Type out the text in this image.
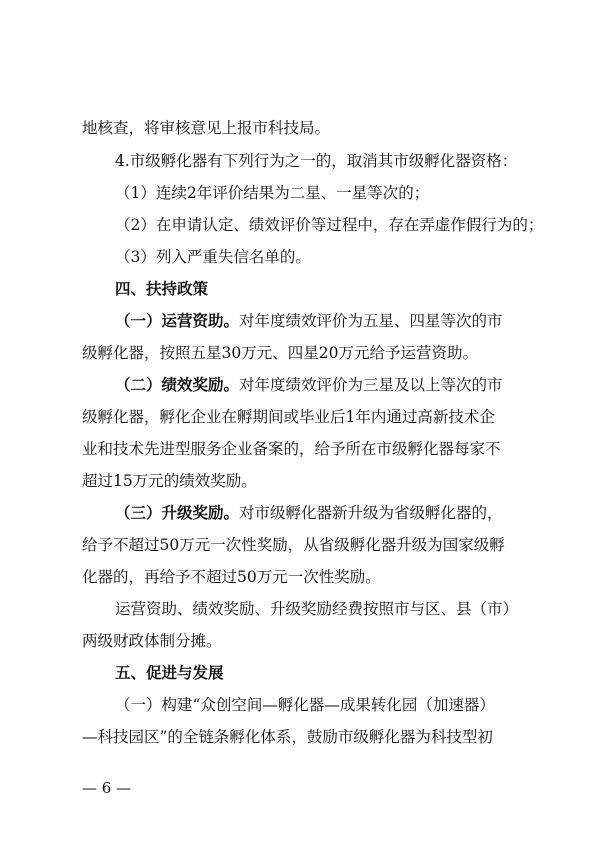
地核查，将审核意见上报市科技局。
4.市级孵化器有下列行为之一的，取消其市级孵化器资格：
（1）连续2年评价结果为二星、一星等次的；
（2）在申请认定、绩效评价等过程中，存在弄虚作假行为的；
（3）列入严重失信名单的。
四、扶持政策
（一）运营资助。对年度绩效评价为五星、四星等次的市
级孵化器，按照五星30万元、四星20万元给予运营资助。
（二）绩效奖励。对年度绩效评价为三星及以上等次的市
级孵化器，孵化企业在孵期间或毕业后1年内通过高新技术企
业和技术先进型服务企业备案的，给予所在市级孵化器每家不
超过15万元的绩效奖励。
（三）升级奖励。对市级孵化器新升级为省级孵化器的，
给予不超过50万元一次性奖励，从省级孵化器升级为国家级孵
化器的，再给予不超过50万元一次性奖励。
运营资助、绩效奖励、升级奖励经费按照市与区、县（市）
两级财政体制分摊。
五、促进与发展
（一）构建“众创空间—孵化器—成果转化园（加速器）
—科技园区”的全链条孵化体系，鼓励市级孵化器为科技型初
— 6 —
